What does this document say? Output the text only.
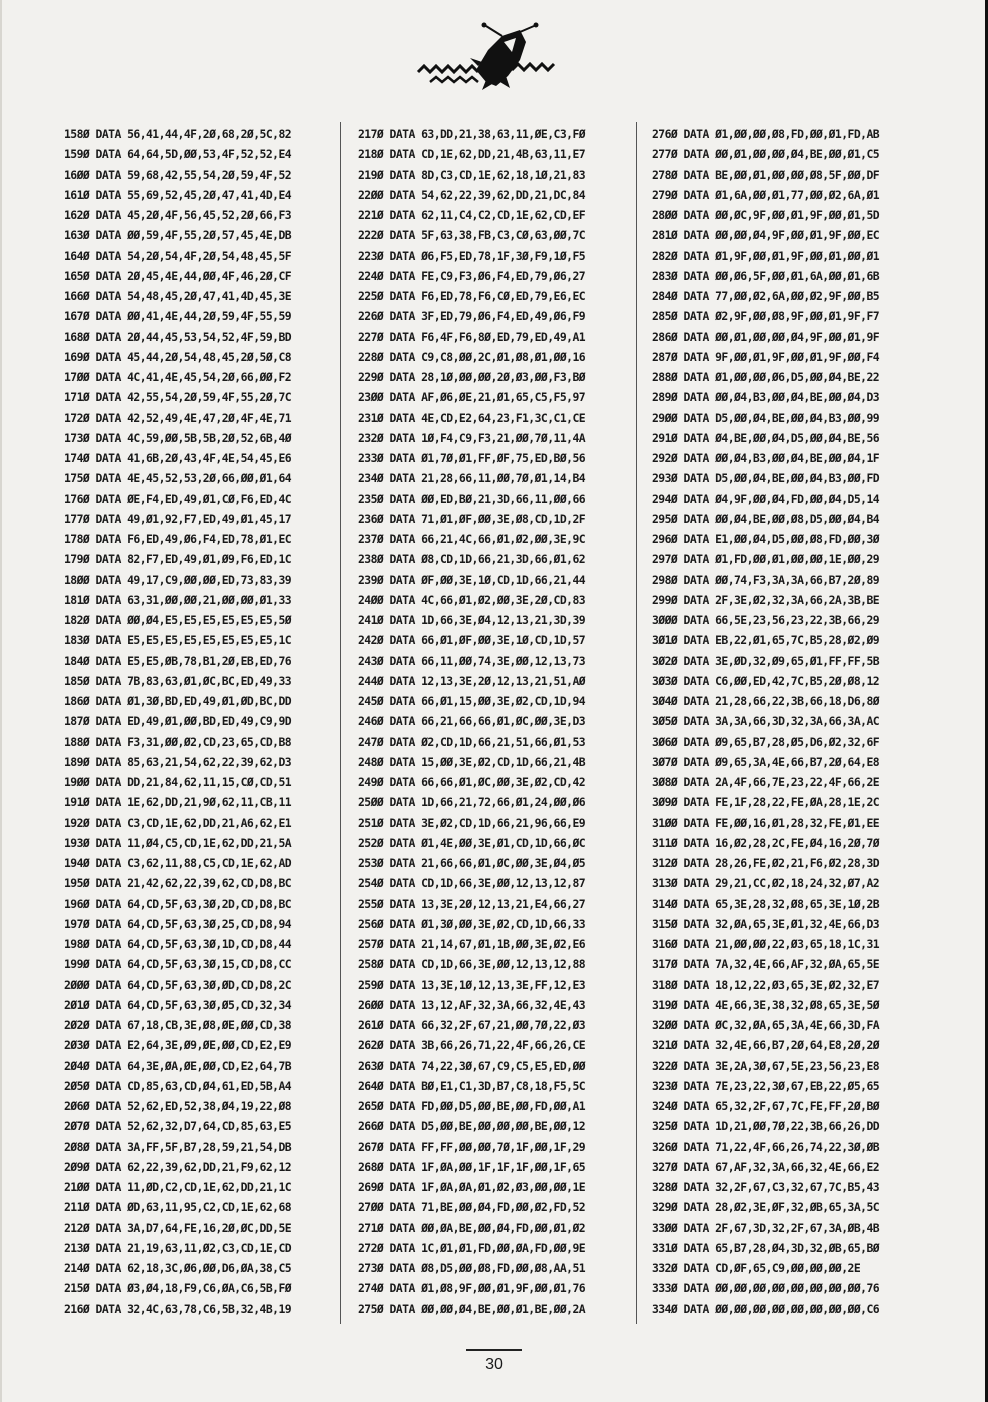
158Ø DATA 56,41,44,4F,2Ø,68,2Ø,5C,82
159Ø DATA 64,64,5D,ØØ,53,4F,52,52,E4
16ØØ DATA 59,68,42,55,54,2Ø,59,4F,52
161Ø DATA 55,69,52,45,2Ø,47,41,4D,E4
162Ø DATA 45,2Ø,4F,56,45,52,2Ø,66,F3
163Ø DATA ØØ,59,4F,55,2Ø,57,45,4E,DB
164Ø DATA 54,2Ø,54,4F,2Ø,54,48,45,5F
165Ø DATA 2Ø,45,4E,44,ØØ,4F,46,2Ø,CF
166Ø DATA 54,48,45,2Ø,47,41,4D,45,3E
167Ø DATA ØØ,41,4E,44,2Ø,59,4F,55,59
168Ø DATA 2Ø,44,45,53,54,52,4F,59,BD
169Ø DATA 45,44,2Ø,54,48,45,2Ø,5Ø,C8
17ØØ DATA 4C,41,4E,45,54,2Ø,66,ØØ,F2
171Ø DATA 42,55,54,2Ø,59,4F,55,2Ø,7C
172Ø DATA 42,52,49,4E,47,2Ø,4F,4E,71
173Ø DATA 4C,59,ØØ,5B,5B,2Ø,52,6B,4Ø
174Ø DATA 41,6B,2Ø,43,4F,4E,54,45,E6
175Ø DATA 4E,45,52,53,2Ø,66,ØØ,Ø1,64
176Ø DATA ØE,F4,ED,49,Ø1,CØ,F6,ED,4C
177Ø DATA 49,Ø1,92,F7,ED,49,Ø1,45,17
178Ø DATA F6,ED,49,Ø6,F4,ED,78,Ø1,EC
179Ø DATA 82,F7,ED,49,Ø1,Ø9,F6,ED,1C
18ØØ DATA 49,17,C9,ØØ,ØØ,ED,73,83,39
181Ø DATA 63,31,ØØ,ØØ,21,ØØ,ØØ,Ø1,33
182Ø DATA ØØ,Ø4,E5,E5,E5,E5,E5,E5,5Ø
183Ø DATA E5,E5,E5,E5,E5,E5,E5,E5,1C
184Ø DATA E5,E5,ØB,78,B1,2Ø,EB,ED,76
185Ø DATA 7B,83,63,Ø1,ØC,BC,ED,49,33
186Ø DATA Ø1,3Ø,BD,ED,49,Ø1,ØD,BC,DD
187Ø DATA ED,49,Ø1,ØØ,BD,ED,49,C9,9D
188Ø DATA F3,31,ØØ,Ø2,CD,23,65,CD,B8
189Ø DATA 85,63,21,54,62,22,39,62,D3
19ØØ DATA DD,21,84,62,11,15,CØ,CD,51
191Ø DATA 1E,62,DD,21,9Ø,62,11,CB,11
192Ø DATA C3,CD,1E,62,DD,21,A6,62,E1
193Ø DATA 11,Ø4,C5,CD,1E,62,DD,21,5A
194Ø DATA C3,62,11,88,C5,CD,1E,62,AD
195Ø DATA 21,42,62,22,39,62,CD,D8,BC
196Ø DATA 64,CD,5F,63,3Ø,2D,CD,D8,BC
197Ø DATA 64,CD,5F,63,3Ø,25,CD,D8,94
198Ø DATA 64,CD,5F,63,3Ø,1D,CD,D8,44
199Ø DATA 64,CD,5F,63,3Ø,15,CD,D8,CC
2ØØØ DATA 64,CD,5F,63,3Ø,ØD,CD,D8,2C
2Ø1Ø DATA 64,CD,5F,63,3Ø,Ø5,CD,32,34
2Ø2Ø DATA 67,18,CB,3E,Ø8,ØE,ØØ,CD,38
2Ø3Ø DATA E2,64,3E,Ø9,ØE,ØØ,CD,E2,E9
2Ø4Ø DATA 64,3E,ØA,ØE,ØØ,CD,E2,64,7B
2Ø5Ø DATA CD,85,63,CD,Ø4,61,ED,5B,A4
2Ø6Ø DATA 52,62,ED,52,38,Ø4,19,22,Ø8
2Ø7Ø DATA 52,62,32,D7,64,CD,85,63,E5
2Ø8Ø DATA 3A,FF,5F,B7,28,59,21,54,DB
2Ø9Ø DATA 62,22,39,62,DD,21,F9,62,12
21ØØ DATA 11,ØD,C2,CD,1E,62,DD,21,1C
211Ø DATA ØD,63,11,95,C2,CD,1E,62,68
212Ø DATA 3A,D7,64,FE,16,2Ø,ØC,DD,5E
213Ø DATA 21,19,63,11,Ø2,C3,CD,1E,CD
214Ø DATA 62,18,3C,Ø6,ØØ,D6,ØA,38,C5
215Ø DATA Ø3,Ø4,18,F9,C6,ØA,C6,5B,FØ
216Ø DATA 32,4C,63,78,C6,5B,32,4B,19
217Ø DATA 63,DD,21,38,63,11,ØE,C3,FØ
218Ø DATA CD,1E,62,DD,21,4B,63,11,E7
219Ø DATA 8D,C3,CD,1E,62,18,1Ø,21,83
22ØØ DATA 54,62,22,39,62,DD,21,DC,84
221Ø DATA 62,11,C4,C2,CD,1E,62,CD,EF
222Ø DATA 5F,63,38,FB,C3,CØ,63,ØØ,7C
223Ø DATA Ø6,F5,ED,78,1F,3Ø,F9,1Ø,F5
224Ø DATA FE,C9,F3,Ø6,F4,ED,79,Ø6,27
225Ø DATA F6,ED,78,F6,CØ,ED,79,E6,EC
226Ø DATA 3F,ED,79,Ø6,F4,ED,49,Ø6,F9
227Ø DATA F6,4F,F6,8Ø,ED,79,ED,49,A1
228Ø DATA C9,C8,ØØ,2C,Ø1,Ø8,Ø1,ØØ,16
229Ø DATA 28,1Ø,ØØ,ØØ,2Ø,Ø3,ØØ,F3,BØ
23ØØ DATA AF,Ø6,ØE,21,Ø1,65,C5,F5,97
231Ø DATA 4E,CD,E2,64,23,F1,3C,C1,CE
232Ø DATA 1Ø,F4,C9,F3,21,ØØ,7Ø,11,4A
233Ø DATA Ø1,7Ø,Ø1,FF,ØF,75,ED,BØ,56
234Ø DATA 21,28,66,11,ØØ,7Ø,Ø1,14,B4
235Ø DATA ØØ,ED,BØ,21,3D,66,11,ØØ,66
236Ø DATA 71,Ø1,ØF,ØØ,3E,Ø8,CD,1D,2F
237Ø DATA 66,21,4C,66,Ø1,Ø2,ØØ,3E,9C
238Ø DATA Ø8,CD,1D,66,21,3D,66,Ø1,62
239Ø DATA ØF,ØØ,3E,1Ø,CD,1D,66,21,44
24ØØ DATA 4C,66,Ø1,Ø2,ØØ,3E,2Ø,CD,83
241Ø DATA 1D,66,3E,Ø4,12,13,21,3D,39
242Ø DATA 66,Ø1,ØF,ØØ,3E,1Ø,CD,1D,57
243Ø DATA 66,11,ØØ,74,3E,ØØ,12,13,73
244Ø DATA 12,13,3E,2Ø,12,13,21,51,AØ
245Ø DATA 66,Ø1,15,ØØ,3E,Ø2,CD,1D,94
246Ø DATA 66,21,66,66,Ø1,ØC,ØØ,3E,D3
247Ø DATA Ø2,CD,1D,66,21,51,66,Ø1,53
248Ø DATA 15,ØØ,3E,Ø2,CD,1D,66,21,4B
249Ø DATA 66,66,Ø1,ØC,ØØ,3E,Ø2,CD,42
25ØØ DATA 1D,66,21,72,66,Ø1,24,ØØ,Ø6
251Ø DATA 3E,Ø2,CD,1D,66,21,96,66,E9
252Ø DATA Ø1,4E,ØØ,3E,Ø1,CD,1D,66,ØC
253Ø DATA 21,66,66,Ø1,ØC,ØØ,3E,Ø4,Ø5
254Ø DATA CD,1D,66,3E,ØØ,12,13,12,87
255Ø DATA 13,3E,2Ø,12,13,21,E4,66,27
256Ø DATA Ø1,3Ø,ØØ,3E,Ø2,CD,1D,66,33
257Ø DATA 21,14,67,Ø1,1B,ØØ,3E,Ø2,E6
258Ø DATA CD,1D,66,3E,ØØ,12,13,12,88
259Ø DATA 13,3E,1Ø,12,13,3E,FF,12,E3
26ØØ DATA 13,12,AF,32,3A,66,32,4E,43
261Ø DATA 66,32,2F,67,21,ØØ,7Ø,22,Ø3
262Ø DATA 3B,66,26,71,22,4F,66,26,CE
263Ø DATA 74,22,3Ø,67,C9,C5,E5,ED,ØØ
264Ø DATA BØ,E1,C1,3D,B7,C8,18,F5,5C
265Ø DATA FD,ØØ,D5,ØØ,BE,ØØ,FD,ØØ,A1
266Ø DATA D5,ØØ,BE,ØØ,ØØ,ØØ,BE,ØØ,12
267Ø DATA FF,FF,ØØ,ØØ,7Ø,1F,ØØ,1F,29
268Ø DATA 1F,ØA,ØØ,1F,1F,1F,ØØ,1F,65
269Ø DATA 1F,ØA,ØA,Ø1,Ø2,Ø3,ØØ,ØØ,1E
27ØØ DATA 71,BE,ØØ,Ø4,FD,ØØ,Ø2,FD,52
271Ø DATA ØØ,ØA,BE,ØØ,Ø4,FD,ØØ,Ø1,Ø2
272Ø DATA 1C,Ø1,Ø1,FD,ØØ,ØA,FD,ØØ,9E
273Ø DATA Ø8,D5,ØØ,Ø8,FD,ØØ,Ø8,AA,51
274Ø DATA Ø1,Ø8,9F,ØØ,Ø1,9F,ØØ,Ø1,76
275Ø DATA ØØ,ØØ,Ø4,BE,ØØ,Ø1,BE,ØØ,2A
276Ø DATA Ø1,ØØ,ØØ,Ø8,FD,ØØ,Ø1,FD,AB
277Ø DATA ØØ,Ø1,ØØ,ØØ,Ø4,BE,ØØ,Ø1,C5
278Ø DATA BE,ØØ,Ø1,ØØ,ØØ,Ø8,5F,ØØ,DF
279Ø DATA Ø1,6A,ØØ,Ø1,77,ØØ,Ø2,6A,Ø1
28ØØ DATA ØØ,ØC,9F,ØØ,Ø1,9F,ØØ,Ø1,5D
281Ø DATA ØØ,ØØ,Ø4,9F,ØØ,Ø1,9F,ØØ,EC
282Ø DATA Ø1,9F,ØØ,Ø1,9F,ØØ,Ø1,ØØ,Ø1
283Ø DATA ØØ,Ø6,5F,ØØ,Ø1,6A,ØØ,Ø1,6B
284Ø DATA 77,ØØ,Ø2,6A,ØØ,Ø2,9F,ØØ,B5
285Ø DATA Ø2,9F,ØØ,Ø8,9F,ØØ,Ø1,9F,F7
286Ø DATA ØØ,Ø1,ØØ,ØØ,Ø4,9F,ØØ,Ø1,9F
287Ø DATA 9F,ØØ,Ø1,9F,ØØ,Ø1,9F,ØØ,F4
288Ø DATA Ø1,ØØ,ØØ,Ø6,D5,ØØ,Ø4,BE,22
289Ø DATA ØØ,Ø4,B3,ØØ,Ø4,BE,ØØ,Ø4,D3
29ØØ DATA D5,ØØ,Ø4,BE,ØØ,Ø4,B3,ØØ,99
291Ø DATA Ø4,BE,ØØ,Ø4,D5,ØØ,Ø4,BE,56
292Ø DATA ØØ,Ø4,B3,ØØ,Ø4,BE,ØØ,Ø4,1F
293Ø DATA D5,ØØ,Ø4,BE,ØØ,Ø4,B3,ØØ,FD
294Ø DATA Ø4,9F,ØØ,Ø4,FD,ØØ,Ø4,D5,14
295Ø DATA ØØ,Ø4,BE,ØØ,Ø8,D5,ØØ,Ø4,B4
296Ø DATA E1,ØØ,Ø4,D5,ØØ,Ø8,FD,ØØ,3Ø
297Ø DATA Ø1,FD,ØØ,Ø1,ØØ,ØØ,1E,ØØ,29
298Ø DATA ØØ,74,F3,3A,3A,66,B7,2Ø,89
299Ø DATA 2F,3E,Ø2,32,3A,66,2A,3B,BE
3ØØØ DATA 66,5E,23,56,23,22,3B,66,29
3Ø1Ø DATA EB,22,Ø1,65,7C,B5,28,Ø2,Ø9
3Ø2Ø DATA 3E,ØD,32,Ø9,65,Ø1,FF,FF,5B
3Ø3Ø DATA C6,ØØ,ED,42,7C,B5,2Ø,Ø8,12
3Ø4Ø DATA 21,28,66,22,3B,66,18,D6,8Ø
3Ø5Ø DATA 3A,3A,66,3D,32,3A,66,3A,AC
3Ø6Ø DATA Ø9,65,B7,28,Ø5,D6,Ø2,32,6F
3Ø7Ø DATA Ø9,65,3A,4E,66,B7,2Ø,64,E8
3Ø8Ø DATA 2A,4F,66,7E,23,22,4F,66,2E
3Ø9Ø DATA FE,1F,28,22,FE,ØA,28,1E,2C
31ØØ DATA FE,ØØ,16,Ø1,28,32,FE,Ø1,EE
311Ø DATA 16,Ø2,28,2C,FE,Ø4,16,2Ø,7Ø
312Ø DATA 28,26,FE,Ø2,21,F6,Ø2,28,3D
313Ø DATA 29,21,CC,Ø2,18,24,32,Ø7,A2
314Ø DATA 65,3E,28,32,Ø8,65,3E,1Ø,2B
315Ø DATA 32,ØA,65,3E,Ø1,32,4E,66,D3
316Ø DATA 21,ØØ,ØØ,22,Ø3,65,18,1C,31
317Ø DATA 7A,32,4E,66,AF,32,ØA,65,5E
318Ø DATA 18,12,22,Ø3,65,3E,Ø2,32,E7
319Ø DATA 4E,66,3E,38,32,Ø8,65,3E,5Ø
32ØØ DATA ØC,32,ØA,65,3A,4E,66,3D,FA
321Ø DATA 32,4E,66,B7,2Ø,64,E8,2Ø,2Ø
322Ø DATA 3E,2A,3Ø,67,5E,23,56,23,E8
323Ø DATA 7E,23,22,3Ø,67,EB,22,Ø5,65
324Ø DATA 65,32,2F,67,7C,FE,FF,2Ø,BØ
325Ø DATA 1D,21,ØØ,7Ø,22,3B,66,26,DD
326Ø DATA 71,22,4F,66,26,74,22,3Ø,ØB
327Ø DATA 67,AF,32,3A,66,32,4E,66,E2
328Ø DATA 32,2F,67,C3,32,67,7C,B5,43
329Ø DATA 28,Ø2,3E,ØF,32,ØB,65,3A,5C
33ØØ DATA 2F,67,3D,32,2F,67,3A,ØB,4B
331Ø DATA 65,B7,28,Ø4,3D,32,ØB,65,BØ
332Ø DATA CD,ØF,65,C9,ØØ,ØØ,ØØ,2E
333Ø DATA ØØ,ØØ,ØØ,ØØ,ØØ,ØØ,ØØ,ØØ,76
334Ø DATA ØØ,ØØ,ØØ,ØØ,ØØ,ØØ,ØØ,ØØ,C6
30
